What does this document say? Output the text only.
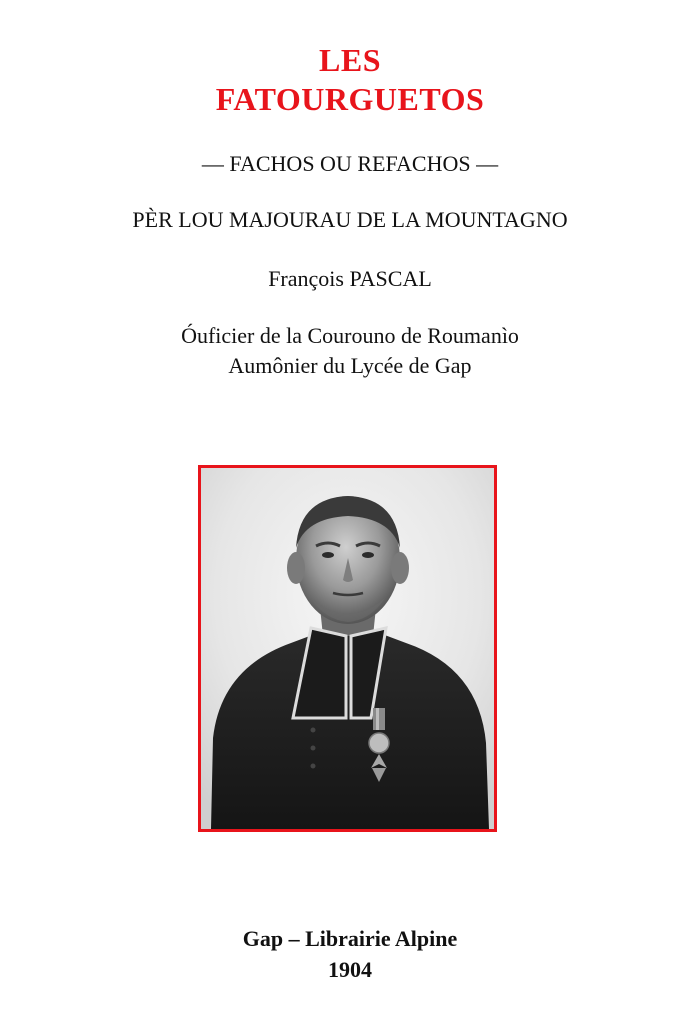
LES
FATOURGUETOS
— FACHOS OU REFACHOS —
PÈR LOU MAJOURAU DE LA MOUNTAGNO
François PASCAL
Óuficier de la Courouno de Roumanìo
Aumônier du Lycée de Gap
Gap – Librairie Alpine
1904
